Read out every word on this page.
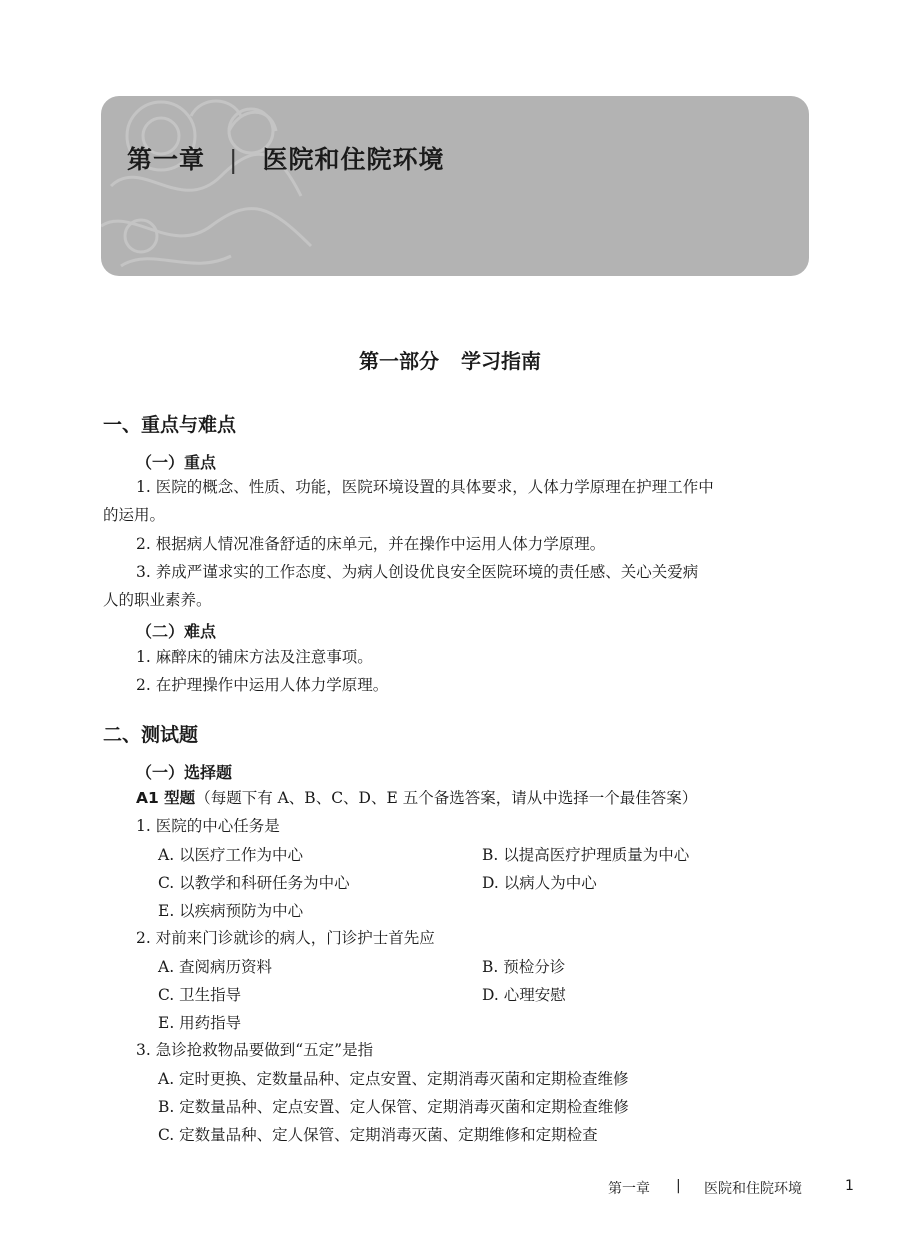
第一章 | 医院和住院环境
第一部分 学习指南
一、重点与难点
（一）重点
1. 医院的概念、性质、功能，医院环境设置的具体要求，人体力学原理在护理工作中
的运用。
2. 根据病人情况准备舒适的床单元，并在操作中运用人体力学原理。
3. 养成严谨求实的工作态度、为病人创设优良安全医院环境的责任感、关心关爱病
人的职业素养。
（二）难点
1. 麻醉床的铺床方法及注意事项。
2. 在护理操作中运用人体力学原理。
二、测试题
（一）选择题
A1 型题（每题下有 A、B、C、D、E 五个备选答案，请从中选择一个最佳答案）
1. 医院的中心任务是
A. 以医疗工作为中心	B. 以提高医疗护理质量为中心
C. 以教学和科研任务为中心	D. 以病人为中心
E. 以疾病预防为中心
2. 对前来门诊就诊的病人，门诊护士首先应
A. 查阅病历资料	B. 预检分诊
C. 卫生指导	D. 心理安慰
E. 用药指导
3. 急诊抢救物品要做到“五定”是指
A. 定时更换、定数量品种、定点安置、定期消毒灭菌和定期检查维修
B. 定数量品种、定点安置、定人保管、定期消毒灭菌和定期检查维修
C. 定数量品种、定人保管、定期消毒灭菌、定期维修和定期检查
第一章 | 医院和住院环境	1
